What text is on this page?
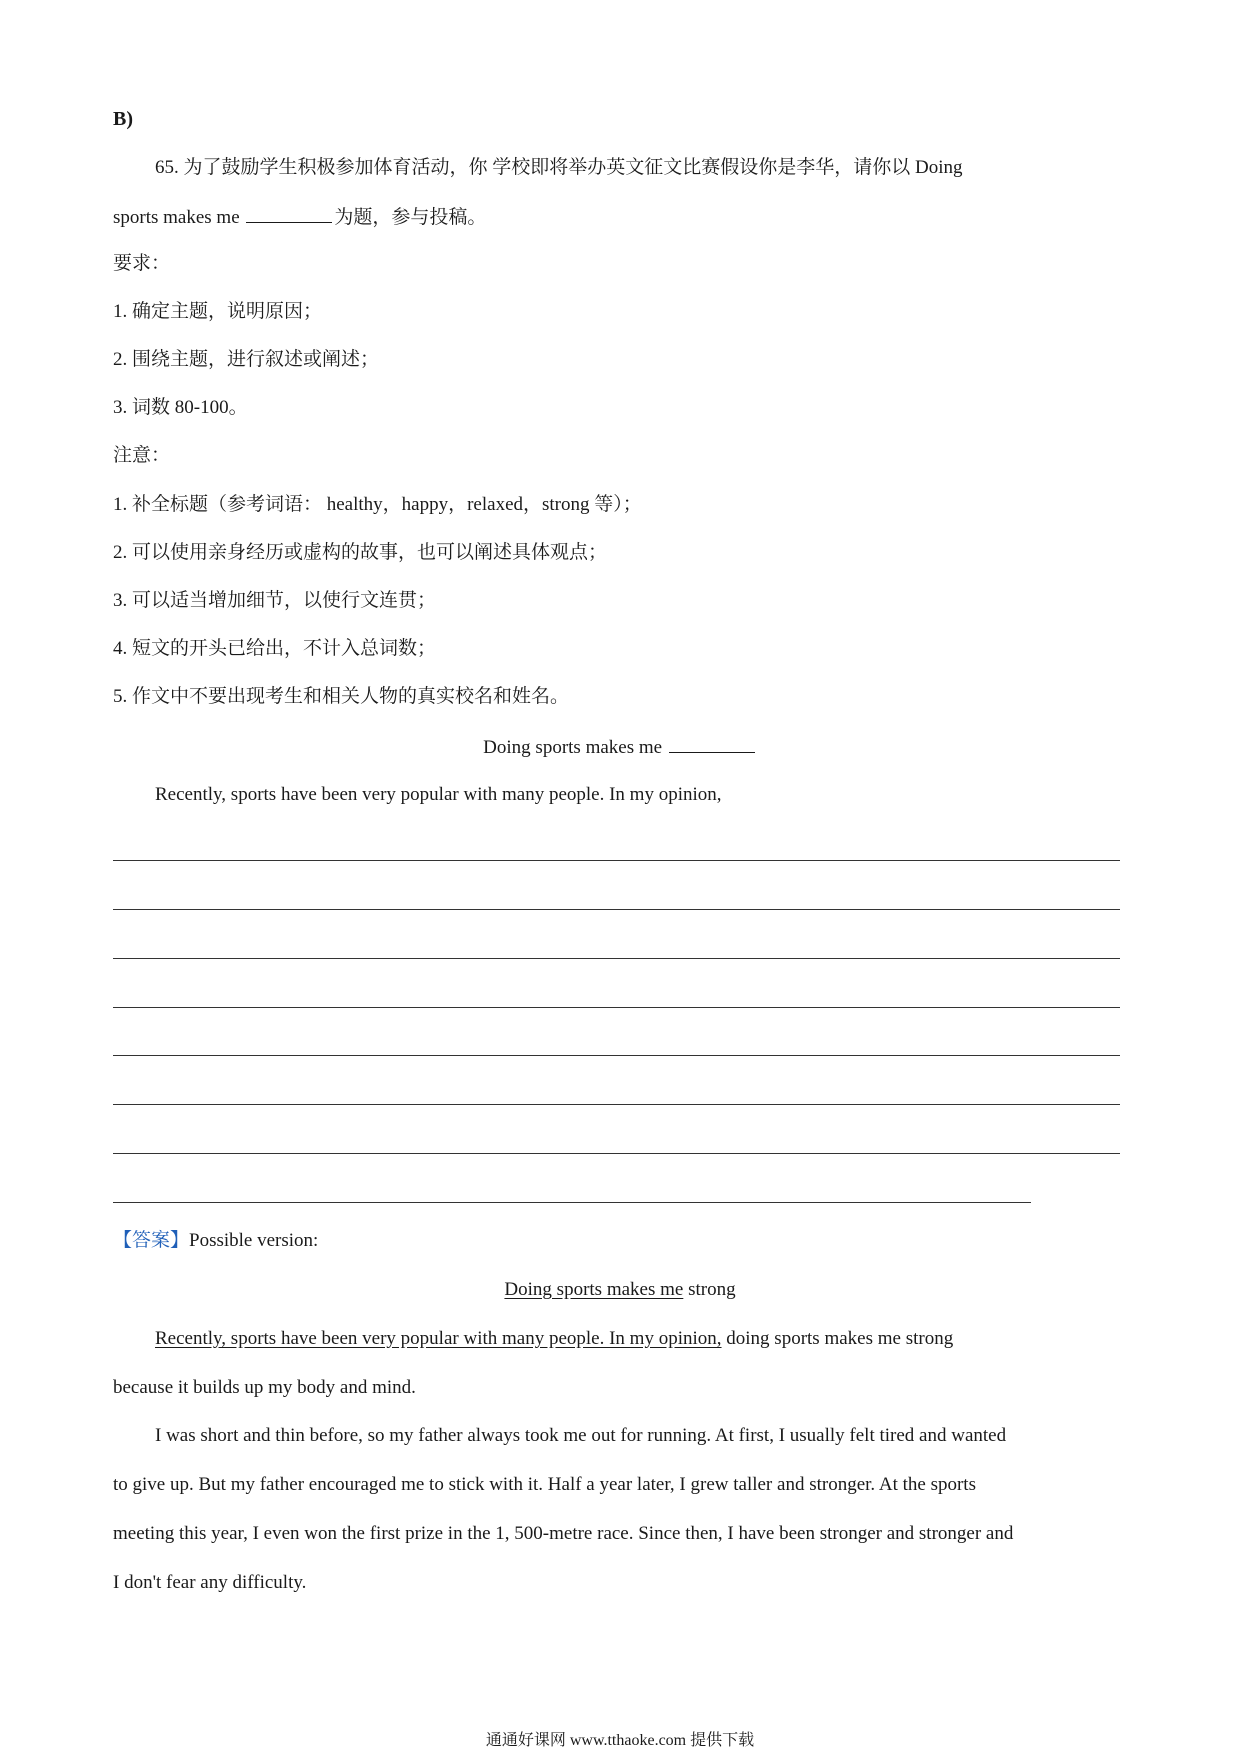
B)
65. 为了鼓励学生积极参加体育活动，你 学校即将举办英文征文比赛假设你是李华，请你以 Doing
sports makes me	为题，参与投稿。
要求：
1. 确定主题，说明原因；
2. 围绕主题，进行叙述或阐述；
3. 词数 80-100。
注意：
1. 补全标题（参考词语： healthy，happy，relaxed，strong 等）；
2. 可以使用亲身经历或虚构的故事，也可以阐述具体观点；
3. 可以适当增加细节，以使行文连贯；
4. 短文的开头已给出，不计入总词数；
5. 作文中不要出现考生和相关人物的真实校名和姓名。
Doing sports makes me
Recently, sports have been very popular with many people. In my opinion,
【答案】Possible version:
Doing sports makes me strong
Recently, sports have been very popular with many people. In my opinion, doing sports makes me strong
because it builds up my body and mind.
I was short and thin before, so my father always took me out for running. At first, I usually felt tired and wanted
to give up. But my father encouraged me to stick with it. Half a year later, I grew taller and stronger. At the sports
meeting this year, I even won the first prize in the 1, 500-metre race. Since then, I have been stronger and stronger and
I don't fear any difficulty.
通通好课网 www.tthaoke.com 提供下载
